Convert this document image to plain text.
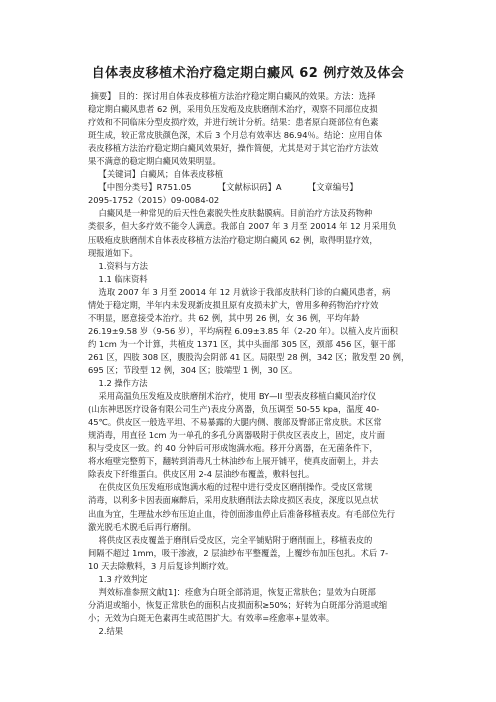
自体表皮移植术治疗稳定期白癜风 62 例疗效及体会
摘要】 目的：探讨用自体表皮移植方法治疗稳定期白癜风的效果。方法：选择
稳定期白癜风患者 62 例，采用负压发疱及皮肤磨削术治疗，观察不同部位皮损
疗效和不同临床分型皮损疗效，并进行统计分析。结果：患者原白斑部位有色素
斑生成，较正常皮肤颜色深，术后 3 个月总有效率达 86.94％。结论：应用自体
表皮移植方法治疗稳定期白癜风效果好，操作简便，尤其是对于其它治疗方法效
果不满意的稳定期白癜风效果明显。
【关键词】白癜风；自体表皮移植
【中图分类号】R751.05          【文献标识码】A          【文章编号】
2095-1752（2015）09-0084-02
白癜风是一种常见的后天性色素脱失性皮肤黏膜病。目前治疗方法及药物种
类很多，但大多疗效不能令人满意。我部自 2007 年 3 月至 20014 年 12 月采用负
压吸疱皮肤磨削术自体表皮移植方法治疗稳定期白癜风 62 例，取得明显疗效，
现报道如下。
1.资料与方法
1.1 临床资料
选取 2007 年 3 月至 20014 年 12 月就诊于我部皮肤科门诊的白癜风患者，病
情处于稳定期，半年内未发现新皮损且原有皮损未扩大，曾用多种药物治疗疗效
不明显，愿意接受本治疗。共 62 例，其中男 26 例，女 36 例，平均年龄
26.19±9.58 岁（9-56 岁），平均病程 6.09±3.85 年（2-20 年）。以植入皮片面积
约 1cm 为一个计算，共植皮 1371 区，其中头面部 305 区，颈部 456 区，躯干部
261 区，四肢 308 区，腹股沟会阴部 41 区。局限型 28 例，342 区；散发型 20 例，
695 区；节段型 12 例，304 区；肢端型 1 例，30 区。
1.2 操作方法
采用高温负压发疱及皮肤磨削术治疗，使用 BY—II 型表皮移植白癜风治疗仪
(山东神思医疗设备有限公司生产)表皮分离器，负压调至 50-55 kpa，温度 40-
45℃。供皮区一般选平坦、不易暴露的大腿内侧、腹部及臀部正常皮肤。术区常
规消毒，用直径 1cm 为一单孔的多孔分离器吸附于供皮区表皮上，固定，皮片面
积与受皮区一致。约 40 分钟后可形成饱满水疱。移开分离器，在无菌条件下，
将水疱壁完整剪下，翻转到消毒凡士林油纱布上展开铺平，使真皮面朝上，并去
除表皮下纤维蛋白。供皮区用 2-4 层油纱布覆盖，敷料包扎。
在供皮区负压发疱形成饱满水疱的过程中进行受皮区磨削操作。受皮区常规
消毒，以利多卡因表面麻醉后，采用皮肤磨削法去除皮损区表皮，深度以见点状
出血为宜，生理盐水纱布压迫止血，待创面渗血停止后准备移植表皮。有毛部位先行
激光脱毛术脱毛后再行磨削。
将供皮区表皮覆盖于磨削后受皮区，完全平铺贴附于磨削面上，移植表皮的
间隔不超过 1mm，吸干渗液，2 层油纱布平整覆盖，上覆纱布加压包扎。术后 7-
10 天去除敷料，3 月后复诊判断疗效。
1.3 疗效判定
判效标准参照文献[1]：痊愈为白斑全部消退，恢复正常肤色；显效为白斑部
分消退或缩小，恢复正常肤色的面积占皮损面积≥50%；好转为白斑部分消退或缩
小；无效为白斑无色素再生或范围扩大。有效率=痊愈率+显效率。
2.结果
